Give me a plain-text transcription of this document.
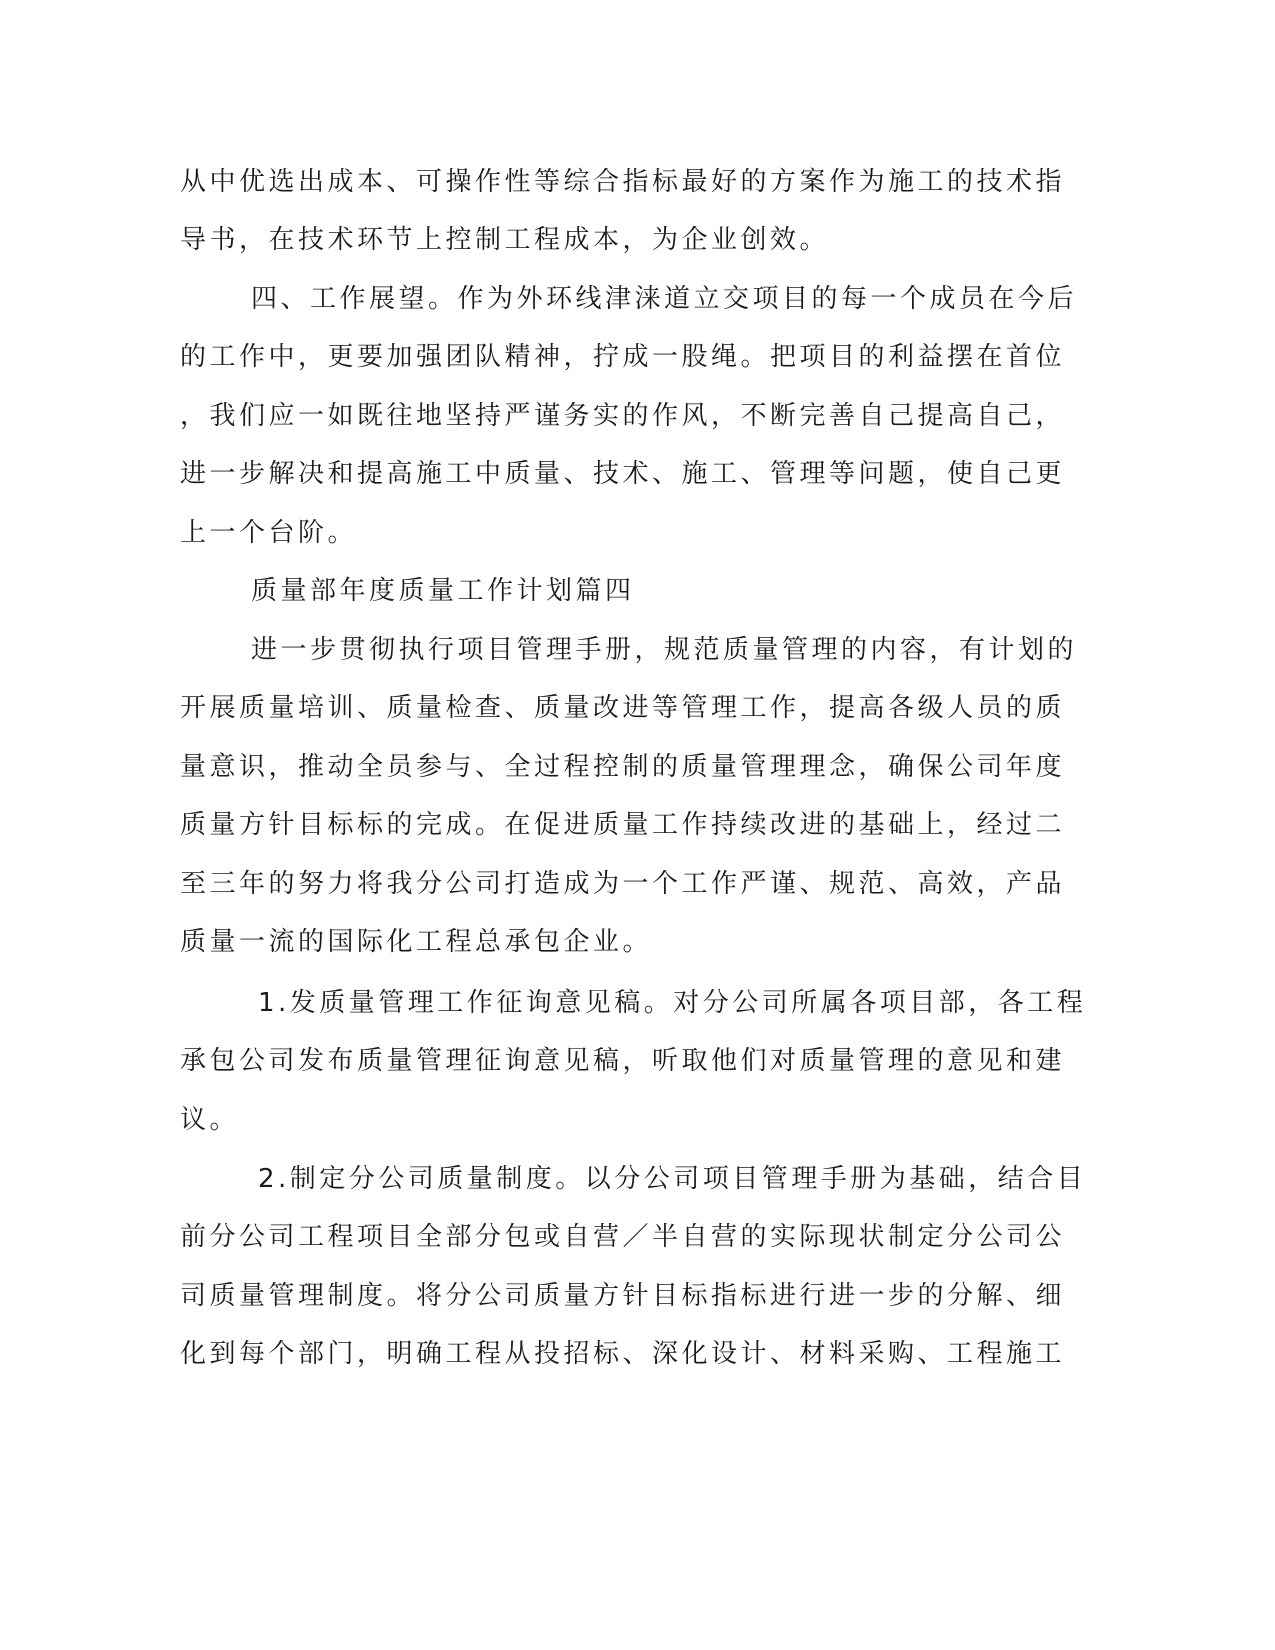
从中优选出成本、可操作性等综合指标最好的方案作为施工的技术指
导书，在技术环节上控制工程成本，为企业创效。
四、工作展望。作为外环线津涞道立交项目的每一个成员在今后
的工作中，更要加强团队精神，拧成一股绳。把项目的利益摆在首位
，我们应一如既往地坚持严谨务实的作风，不断完善自己提高自己，
进一步解决和提高施工中质量、技术、施工、管理等问题，使自己更
上一个台阶。
质量部年度质量工作计划篇四
进一步贯彻执行项目管理手册，规范质量管理的内容，有计划的
开展质量培训、质量检查、质量改进等管理工作，提高各级人员的质
量意识，推动全员参与、全过程控制的质量管理理念，确保公司年度
质量方针目标标的完成。在促进质量工作持续改进的基础上，经过二
至三年的努力将我分公司打造成为一个工作严谨、规范、高效，产品
质量一流的国际化工程总承包企业。
1.发质量管理工作征询意见稿。对分公司所属各项目部，各工程
承包公司发布质量管理征询意见稿，听取他们对质量管理的意见和建
议。
2.制定分公司质量制度。以分公司项目管理手册为基础，结合目
前分公司工程项目全部分包或自营／半自营的实际现状制定分公司公
司质量管理制度。将分公司质量方针目标指标进行进一步的分解、细
化到每个部门，明确工程从投招标、深化设计、材料采购、工程施工
